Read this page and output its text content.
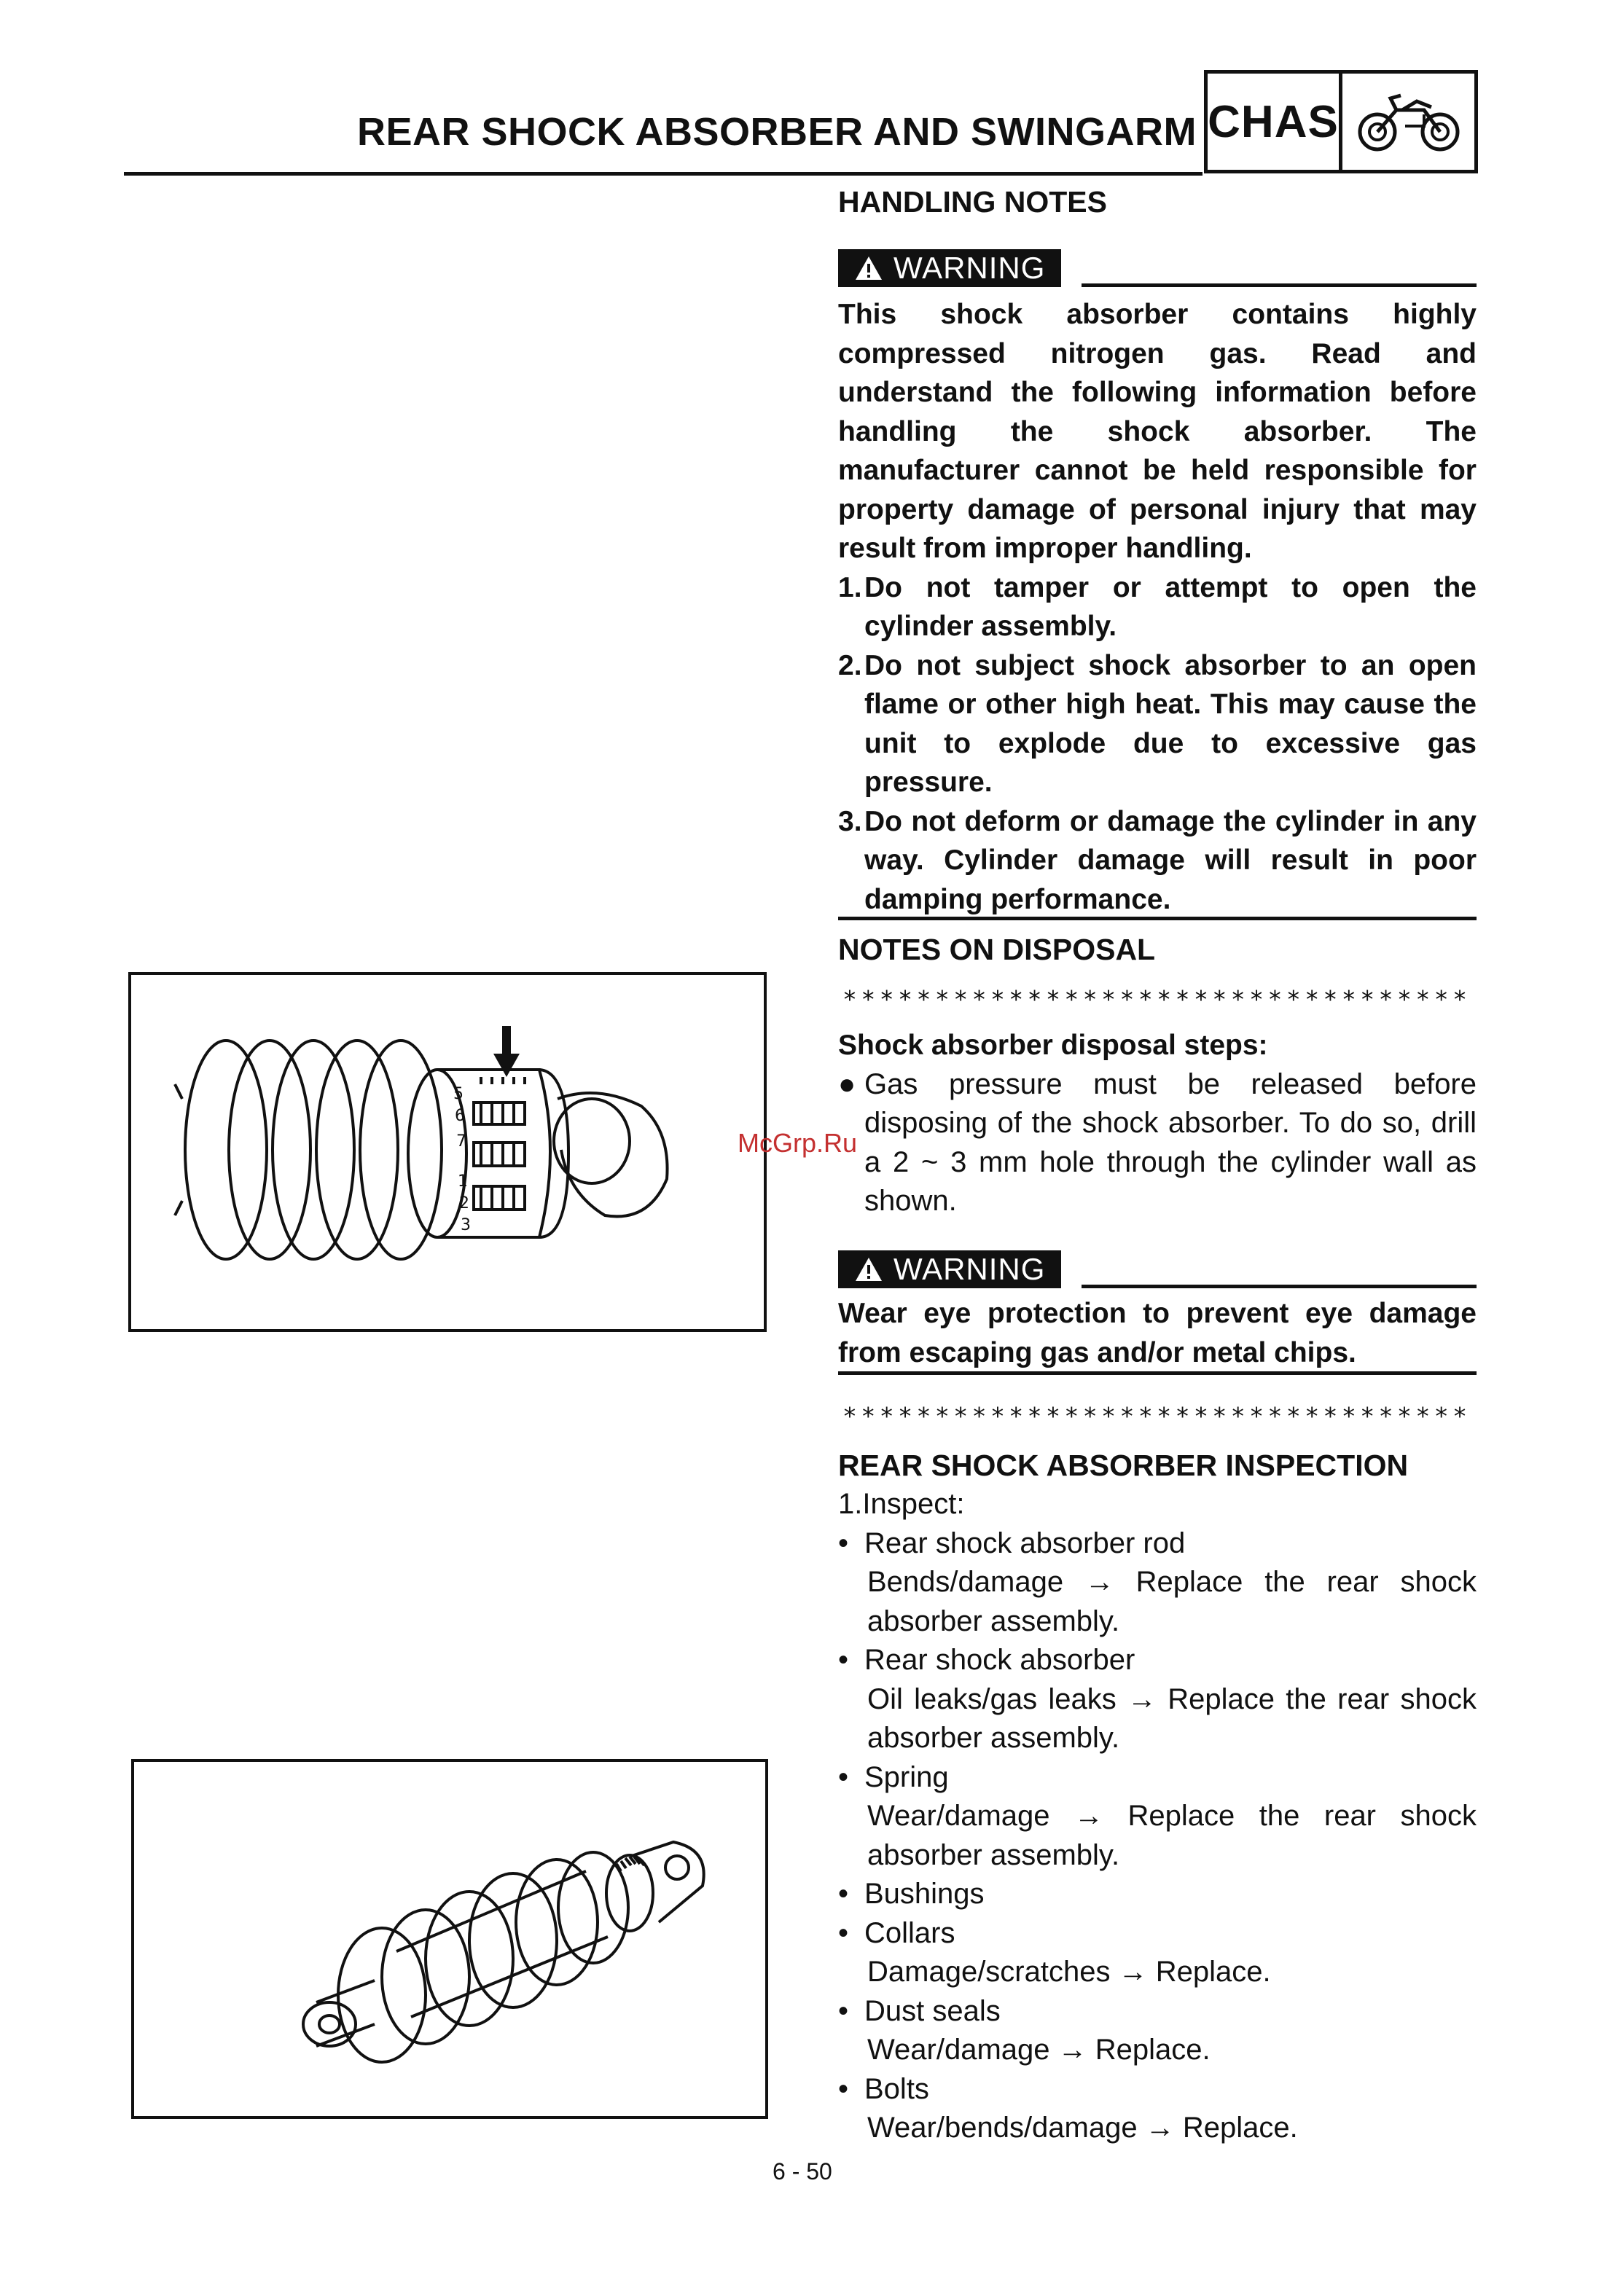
REAR SHOCK ABSORBER AND SWINGARM CHAS
HANDLING NOTES
WARNING

This shock absorber contains highly compressed nitrogen gas. Read and understand the following information before handling the shock absorber. The manufacturer cannot be held responsible for property damage of personal injury that may result from improper handling.

1. Do not tamper or attempt to open the cylinder assembly.
2. Do not subject shock absorber to an open flame or other high heat. This may cause the unit to explode due to excessive gas pressure.
3. Do not deform or damage the cylinder in any way. Cylinder damage will result in poor damping performance.
NOTES ON DISPOSAL
**********************************
Shock absorber disposal steps:
● Gas pressure must be released before disposing of the shock absorber. To do so, drill a 2 ~ 3 mm hole through the cylinder wall as shown.
WARNING

Wear eye protection to prevent eye damage from escaping gas and/or metal chips.

**********************************
REAR SHOCK ABSORBER INSPECTION
1.Inspect:
• Rear shock absorber rod
Bends/damage → Replace the rear shock absorber assembly.
• Rear shock absorber
Oil leaks/gas leaks → Replace the rear shock absorber assembly.
• Spring
Wear/damage → Replace the rear shock absorber assembly.
• Bushings
• Collars
Damage/scratches → Replace.
• Dust seals
Wear/damage → Replace.
• Bolts
Wear/bends/damage → Replace.
5
6
7
1
2
3
6 - 50
McGrp.Ru
